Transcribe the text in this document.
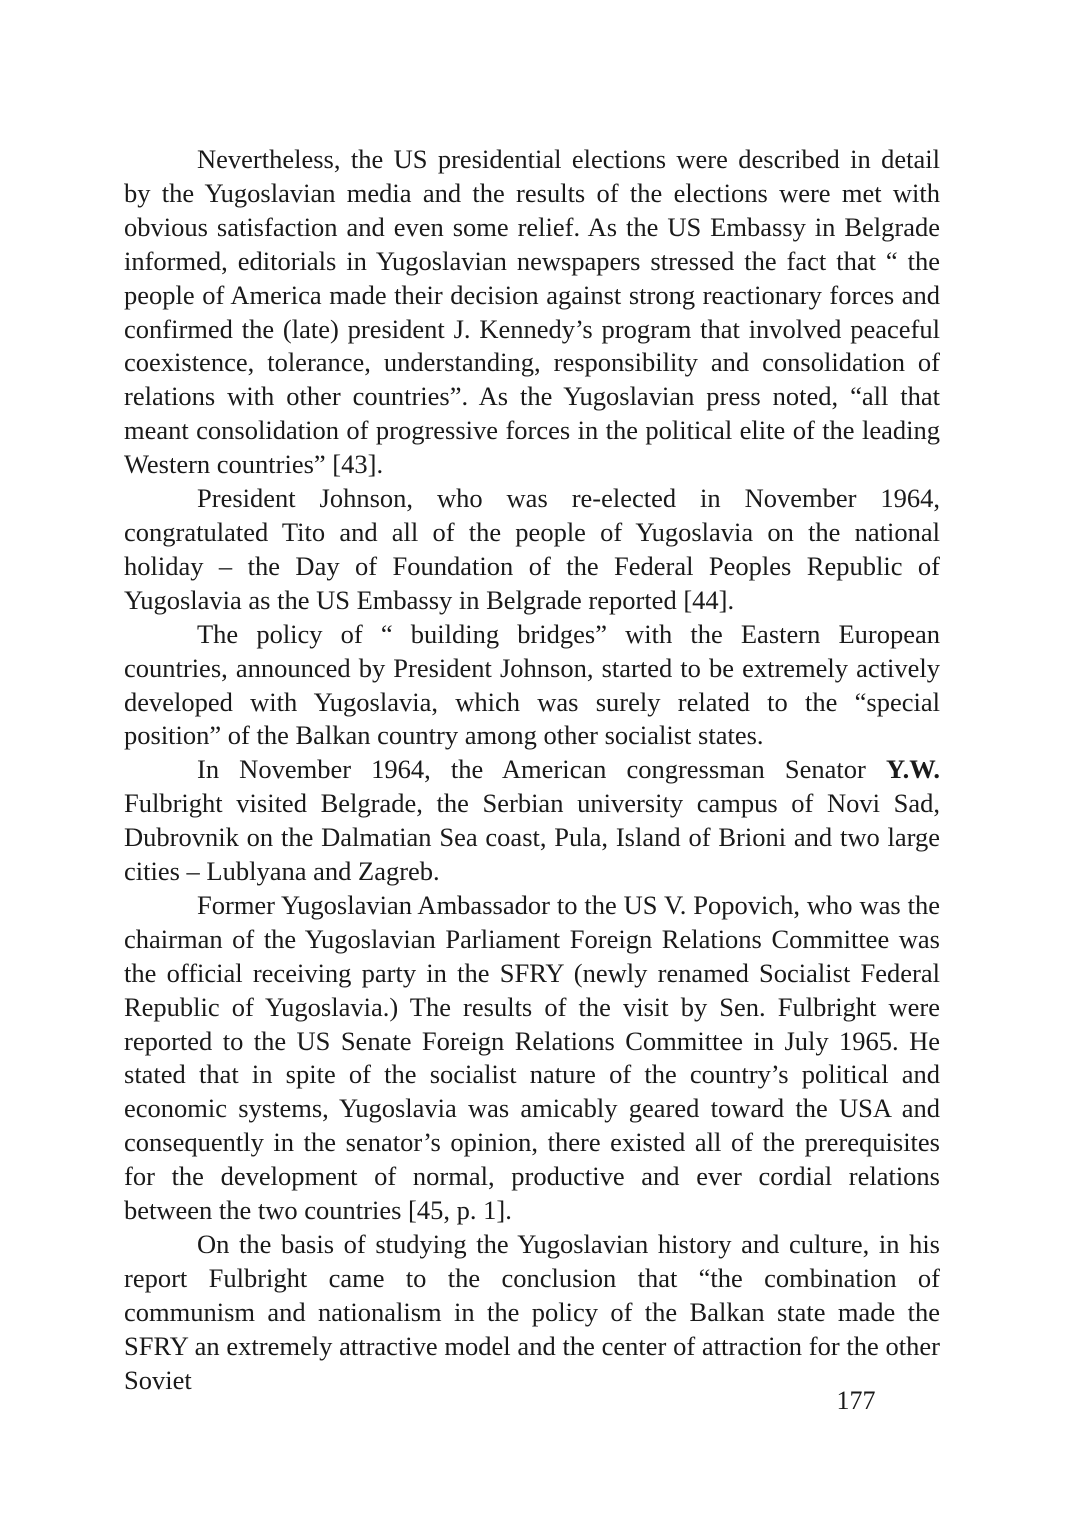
Nevertheless, the US presidential elections were described in detail by the Yugoslavian media and the results of the elections were met with obvious satisfaction and even some relief. As the US Embassy in Belgrade informed, editorials in Yugoslavian newspapers stressed the fact that “ the people of America made their decision against strong reactionary forces and confirmed the (late) president J. Kennedy’s program that involved peaceful coexistence, tolerance, understanding, responsibility and consolidation of relations with other countries”. As the Yugoslavian press noted, “all that meant consolidation of progressive forces in the political elite of the leading Western countries” [43].

President Johnson, who was re-elected in November 1964, congratulated Tito and all of the people of Yugoslavia on the national holiday – the Day of Foundation of the Federal Peoples Republic of Yugoslavia as the US Embassy in Belgrade reported [44].

The policy of “ building bridges” with the Eastern European countries, announced by President Johnson, started to be extremely actively developed with Yugoslavia, which was surely related to the “special position” of the Balkan country among other socialist states.

In November 1964, the American congressman Senator Y.W. Fulbright visited Belgrade, the Serbian university campus of Novi Sad, Dubrovnik on the Dalmatian Sea coast, Pula, Island of Brioni and two large cities – Lublyana and Zagreb.

Former Yugoslavian Ambassador to the US V. Popovich, who was the chairman of the Yugoslavian Parliament Foreign Relations Committee was the official receiving party in the SFRY (newly renamed Socialist Federal Republic of Yugoslavia.) The results of the visit by Sen. Fulbright were reported to the US Senate Foreign Relations Committee in July 1965. He stated that in spite of the socialist nature of the country’s political and economic systems, Yugoslavia was amicably geared toward the USA and consequently in the senator’s opinion, there existed all of the prerequisites for the development of normal, productive and ever cordial relations between the two countries [45, p. 1].

On the basis of studying the Yugoslavian history and culture, in his report Fulbright came to the conclusion that “the combination of communism and nationalism in the policy of the Balkan state made the SFRY an extremely attractive model and the center of attraction for the other Soviet

177
